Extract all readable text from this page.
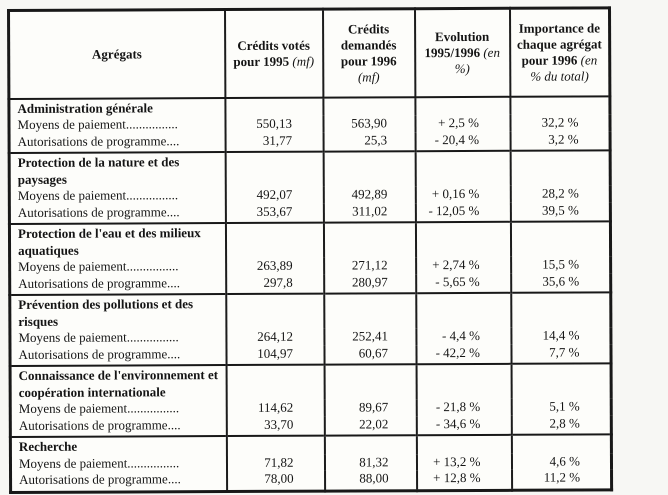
Agrégats	Crédits votés pour 1995 (mf)	Crédits demandés pour 1996 (mf)	Evolution 1995/1996 (en %)	Importance de chaque agrégat pour 1996 (en % du total)
Administration générale				
Moyens de paiement................	550,13	563,90	+ 2,5 %	32,2 %
Autorisations de programme....	31,77	25,3	- 20,4 %	3,2 %
Protection de la nature et des paysages				
Moyens de paiement................	492,07	492,89	+ 0,16 %	28,2 %
Autorisations de programme....	353,67	311,02	- 12,05 %	39,5 %
Protection de l'eau et des milieux aquatiques				
Moyens de paiement................	263,89	271,12	+ 2,74 %	15,5 %
Autorisations de programme....	297,8	280,97	- 5,65 %	35,6 %
Prévention des pollutions et des risques				
Moyens de paiement................	264,12	252,41	- 4,4 %	14,4 %
Autorisations de programme....	104,97	60,67	- 42,2 %	7,7 %
Connaissance de l'environnement et coopération internationale				
Moyens de paiement................	114,62	89,67	- 21,8 %	5,1 %
Autorisations de programme....	33,70	22,02	- 34,6 %	2,8 %
Recherche				
Moyens de paiement................	71,82	81,32	+ 13,2 %	4,6 %
Autorisations de programme....	78,00	88,00	+ 12,8 %	11,2 %
